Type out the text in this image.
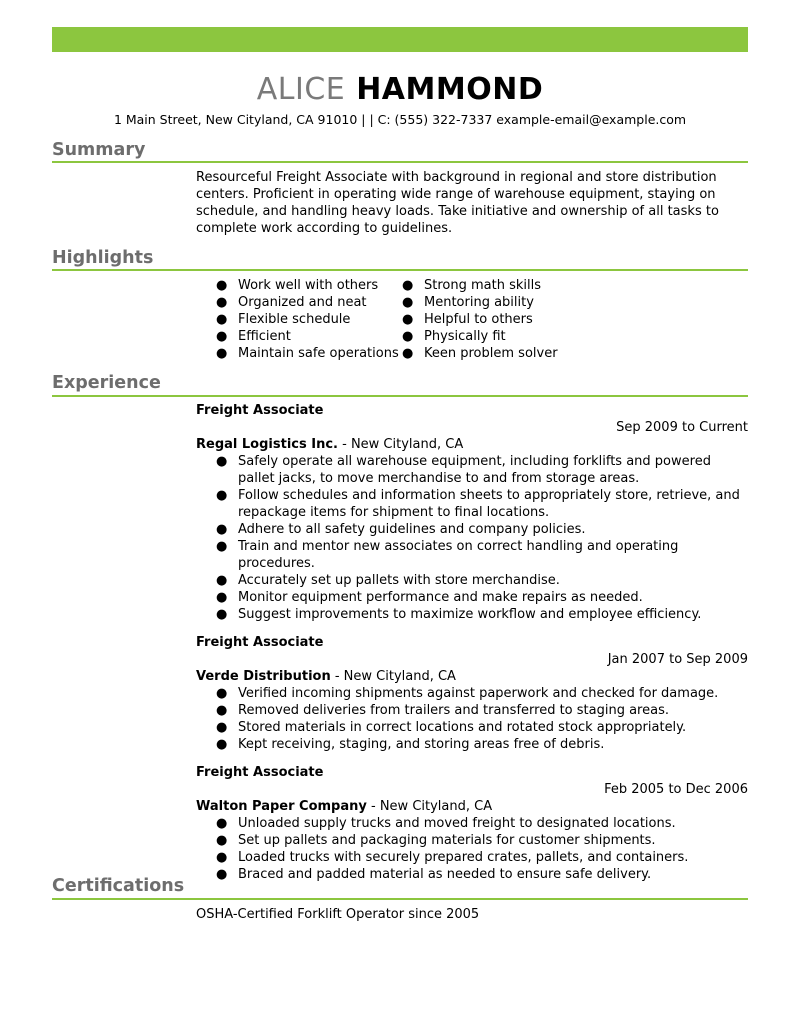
ALICE HAMMOND
1 Main Street, New Cityland, CA 91010 | | C: (555) 322-7337 example-email@example.com
Summary
Resourceful Freight Associate with background in regional and store distribution centers. Proficient in operating wide range of warehouse equipment, staying on schedule, and handling heavy loads. Take initiative and ownership of all tasks to complete work according to guidelines.
Highlights
● Work well with others
● Organized and neat
● Flexible schedule
● Efficient
● Maintain safe operations
● Strong math skills
● Mentoring ability
● Helpful to others
● Physically fit
● Keen problem solver
Experience
Freight Associate
Sep 2009 to Current
Regal Logistics Inc. - New Cityland, CA
● Safely operate all warehouse equipment, including forklifts and powered pallet jacks, to move merchandise to and from storage areas.
● Follow schedules and information sheets to appropriately store, retrieve, and repackage items for shipment to final locations.
● Adhere to all safety guidelines and company policies.
● Train and mentor new associates on correct handling and operating procedures.
● Accurately set up pallets with store merchandise.
● Monitor equipment performance and make repairs as needed.
● Suggest improvements to maximize workflow and employee efficiency.
Freight Associate
Jan 2007 to Sep 2009
Verde Distribution - New Cityland, CA
● Verified incoming shipments against paperwork and checked for damage.
● Removed deliveries from trailers and transferred to staging areas.
● Stored materials in correct locations and rotated stock appropriately.
● Kept receiving, staging, and storing areas free of debris.
Freight Associate
Feb 2005 to Dec 2006
Walton Paper Company - New Cityland, CA
● Unloaded supply trucks and moved freight to designated locations.
● Set up pallets and packaging materials for customer shipments.
● Loaded trucks with securely prepared crates, pallets, and containers.
● Braced and padded material as needed to ensure safe delivery.
Certifications
OSHA-Certified Forklift Operator since 2005
